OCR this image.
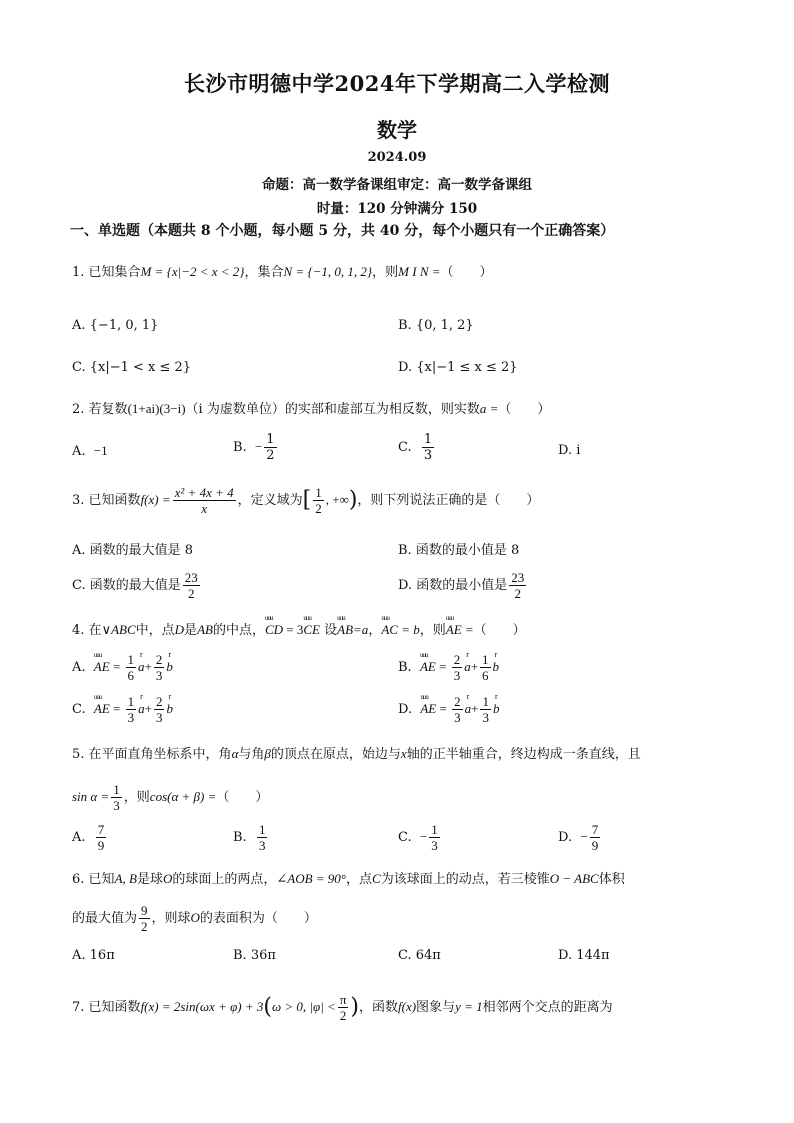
长沙市明德中学2024年下学期高二入学检测
数学
2024.09
命题：高一数学备课组审定：高一数学备课组
时量：120 分钟满分 150
一、单选题（本题共 8 个小题，每小题 5 分，共 40 分，每个小题只有一个正确答案）
1. 已知集合M = {x|−2 < x < 2}，集合N = {−1, 0, 1, 2}，则M I N =（　　）
A. {−1, 0, 1}	B. {0, 1, 2}
C. {x|−1 < x ≤ 2}	D. {x|−1 ≤ x ≤ 2}
2. 若复数(1+ai)(3−i)（i 为虚数单位）的实部和虚部互为相反数，则实数a =（　　）
A. −1	B. − $\frac{1}{2}$	C. $\frac{1}{3}$	D. i
3. 已知函数$f(x) = \frac{\text{x² + 4x + 4}}{x}$ ，定义域为[ $\frac{1}{2}$ , +∞)，则下列说法正确的是（　　）
A. 函数的最大值是 8	B. 函数的最小值是 8
C. 函数的最大值是 $\frac{23}{2}$	D. 函数的最小值是 $\frac{23}{2}$
4. 在∨ABC中，点D是AB的中点，uuu CD = 3uuu CE 设uuu AB=a，uuu AC = b，则uuu AE =（　　）
A. uuu AE = $\frac{1}{6}$ r $a+ \frac{2}{3}$ r b	B. uuu AE = $\frac{2}{3}$ r $a+ \frac{1}{6}$ r b
C. uuu AE = $\frac{1}{3}$ r $a+ \frac{2}{3}$ r b	D. uuu AE = $\frac{2}{3}$ r $a+ \frac{1}{3}$ r b
5. 在平面直角坐标系中，角α与角β的顶点在原点，始边与x轴的正半轴重合，终边构成一条直线，且
$\sin \alpha = \frac{1}{3}$ ，则cos(α + β) =（　　）
A. $\frac{7}{9}$	B. $\frac{1}{3}$	C. − $\frac{1}{3}$	D. − $\frac{7}{9}$
6. 已知A, B是球O的球面上的两点，∠AOB = 90°，点C为该球面上的动点，若三棱锥O − ABC体积
的最大值为 $\frac{9}{2}$ ，则球O的表面积为（　　）
A. 16π	B. 36π	C. 64π	D. 144π
7. 已知函数f(x) = 2sin(ωx + φ) + 3(ω > 0, $|\varphi| < \frac{\pi}{2}$ )，函数f(x)图象与y = 1相邻两个交点的距离为
